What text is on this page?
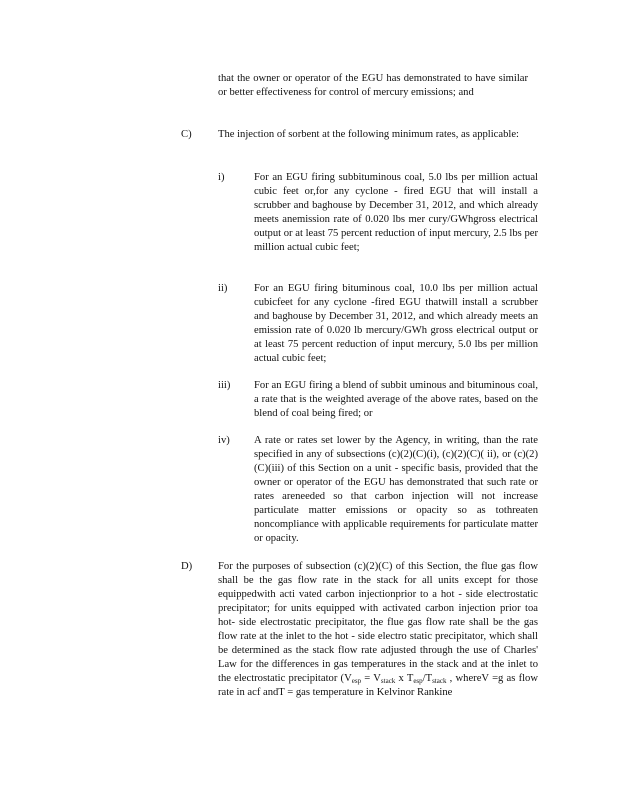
that the owner or operator of the EGU has demonstrated to have similar or better effectiveness for control of mercury emissions; and
C) The injection of sorbent at the following minimum rates, as applicable:
i)	For an EGU firing subbituminous coal, 5.0 lbs per million actual cubic feet or,for any cyclone - fired EGU that will install a scrubber and baghouse by December 31, 2012, and which already meets anemission rate of 0.020 lbs mer cury/GWhgross electrical output or at least 75 percent reduction of input mercury, 2.5 lbs per million actual cubic feet;
ii)	For an EGU firing bituminous coal, 10.0 lbs per million actual cubicfeet for any cyclone -fired EGU thatwill install a scrubber and baghouse by December 31, 2012, and which already meets an emission rate of 0.020 lb mercury/GWh gross electrical output or at least 75 percent reduction of input mercury, 5.0 lbs per million actual cubic feet;
iii) For an EGU firing a blend of subbit uminous and bituminous coal, a rate that is the weighted average of the above rates, based on the blend of coal being fired; or
iv) A rate or rates set lower by the Agency, in writing, than the rate specified in any of subsections (c)(2)(C)(i), (c)(2)(C)( ii), or (c)(2)(C)(iii) of this Section on a unit - specific basis, provided that the owner or operator of the EGU has demonstrated that such rate or rates areneeded so that carbon injection will not increase particulate matter emissions or opacity so as tothreaten noncompliance with applicable requirements for particulate matter or opacity.
D) For the purposes of subsection (c)(2)(C) of this Section, the flue gas flow shall be the gas flow rate in the stack for all units except for those equippedwith acti vated carbon injectionprior to a hot - side electrostatic precipitator; for units equipped with activated carbon injection prior toa hot- side electrostatic precipitator, the flue gas flow rate shall be the gas flow rate at the inlet to the hot - side electro static precipitator, which shall be determined as the stack flow rate adjusted through the use of Charles' Law for the differences in gas temperatures in the stack and at the inlet to the electrostatic precipitator ($V_{esp} = V_{stack}$ x $T_{esp}/T_{stack}$ , whereV =g as flow rate in acf andT = gas temperature in Kelvinor Rankine
